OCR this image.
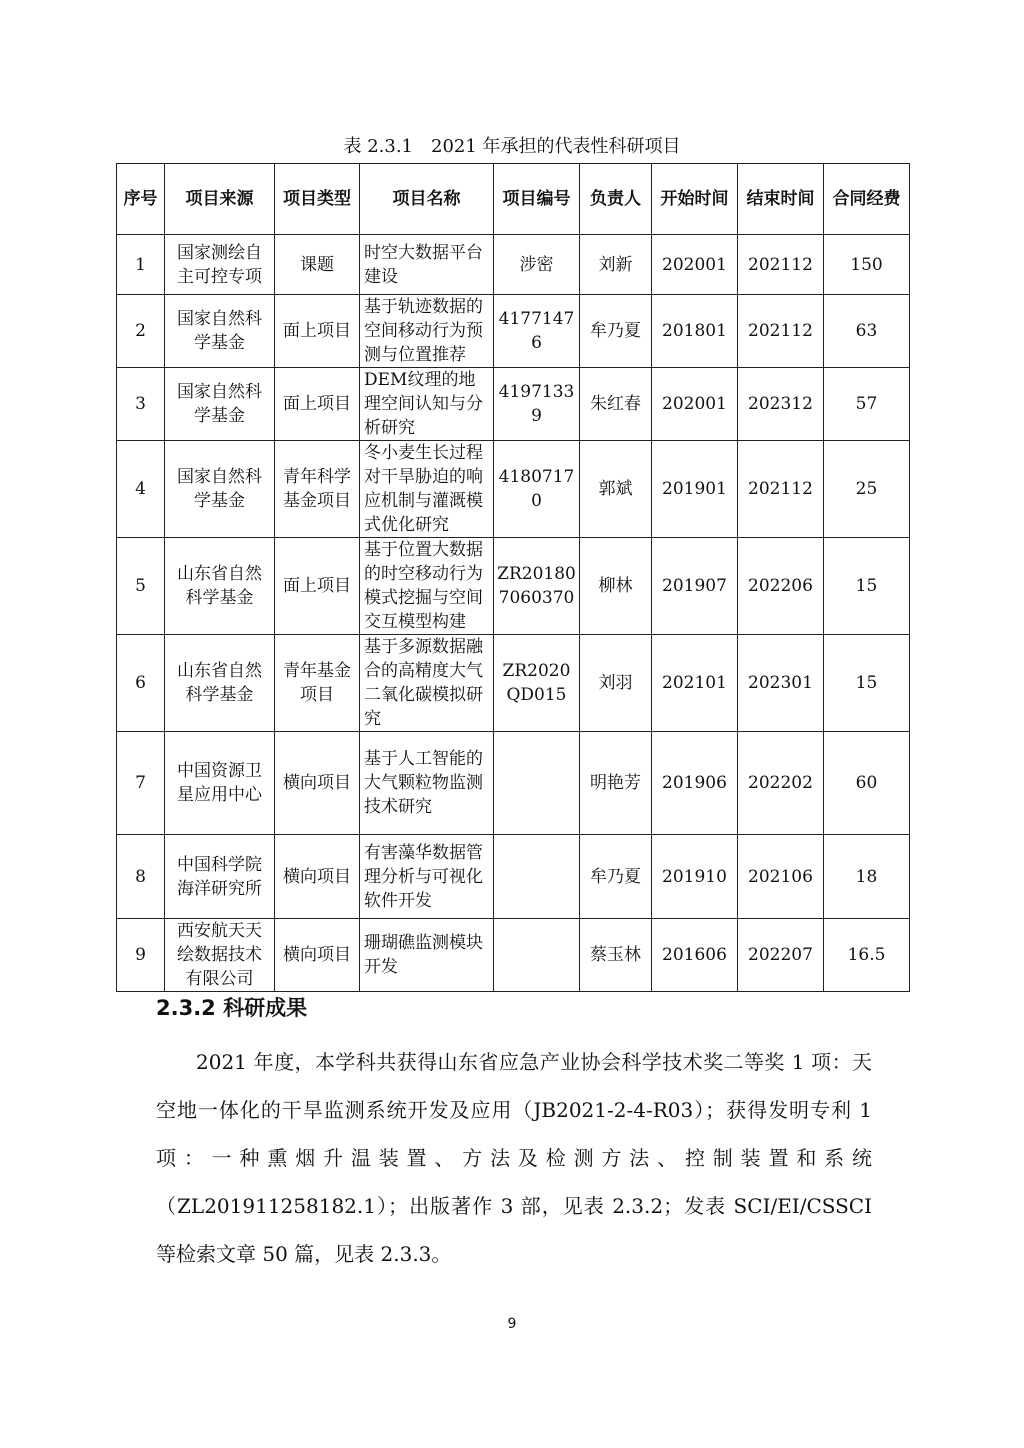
表 2.3.1　2021 年承担的代表性科研项目
序号	项目来源	项目类型	项目名称	项目编号	负责人	开始时间	结束时间	合同经费
1	国家测绘自主可控专项	课题	时空大数据平台建设	涉密	刘新	202001	202112	150
2	国家自然科学基金	面上项目	基于轨迹数据的空间移动行为预测与位置推荐	41771476	牟乃夏	201801	202112	63
3	国家自然科学基金	面上项目	DEM纹理的地理空间认知与分析研究	41971339	朱红春	202001	202312	57
4	国家自然科学基金	青年科学基金项目	冬小麦生长过程对干旱胁迫的响应机制与灌溉模式优化研究	41807170	郭斌	201901	202112	25
5	山东省自然科学基金	面上项目	基于位置大数据的时空移动行为模式挖掘与空间交互模型构建	ZR201807060370	柳林	201907	202206	15
6	山东省自然科学基金	青年基金项目	基于多源数据融合的高精度大气二氧化碳模拟研究	ZR2020QD015	刘羽	202101	202301	15
7	中国资源卫星应用中心	横向项目	基于人工智能的大气颗粒物监测技术研究		明艳芳	201906	202202	60
8	中国科学院海洋研究所	横向项目	有害藻华数据管理分析与可视化软件开发		牟乃夏	201910	202106	18
9	西安航天天绘数据技术有限公司	横向项目	珊瑚礁监测模块开发		蔡玉林	201606	202207	16.5
2.3.2 科研成果
2021 年度，本学科共获得山东省应急产业协会科学技术奖二等奖 1 项：天空地一体化的干旱监测系统开发及应用（JB2021-2-4-R03）；获得发明专利 1 项：一种熏烟升温装置、方法及检测方法、控制装置和系统（ZL201911258182.1）；出版著作 3 部，见表 2.3.2；发表 SCI/EI/CSSCI 等检索文章 50 篇，见表 2.3.3。
9
